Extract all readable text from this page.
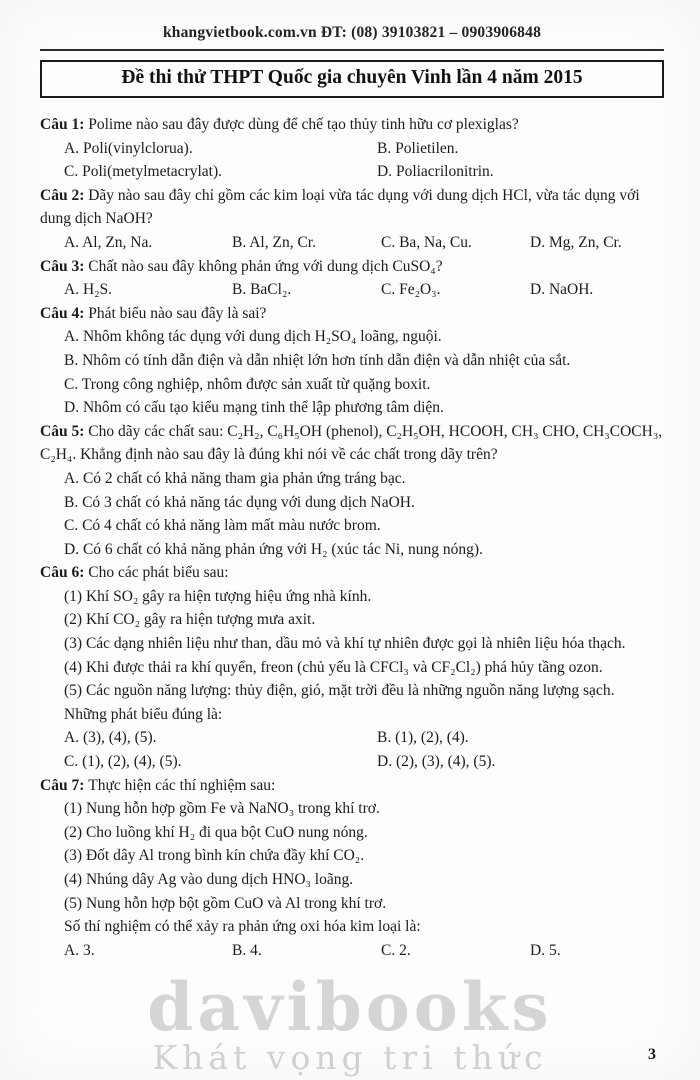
khangvietbook.com.vn ĐT: (08) 39103821 – 0903906848
Đề thi thử THPT Quốc gia chuyên Vinh lần 4 năm 2015

Câu 1: Polime nào sau đây được dùng để chế tạo thủy tinh hữu cơ plexiglas?

A. Poli(vinylclorua).	B. Polietilen.
C. Poli(metylmetacrylat).	D. Poliacrilonitrin.

Câu 2: Dãy nào sau đây chỉ gồm các kim loại vừa tác dụng với dung dịch HCl, vừa tác dụng với dung dịch NaOH?

A. Al, Zn, Na.	B. Al, Zn, Cr.	C. Ba, Na, Cu.	D. Mg, Zn, Cr.

Câu 3: Chất nào sau đây không phản ứng với dung dịch CuSO₄?

A. H₂S.	B. BaCl₂.	C. Fe₂O₃.	D. NaOH.

Câu 4: Phát biểu nào sau đây là sai?

A. Nhôm không tác dụng với dung dịch H₂SO₄ loãng, nguội.
B. Nhôm có tính dẫn điện và dẫn nhiệt lớn hơn tính dẫn điện và dẫn nhiệt của sắt.
C. Trong công nghiệp, nhôm được sản xuất từ quặng boxit.
D. Nhôm có cấu tạo kiểu mạng tinh thể lập phương tâm diện.

Câu 5: Cho dãy các chất sau: C₂H₂, C₆H₅OH (phenol), C₂H₅OH, HCOOH, CH₃ CHO, CH₃COCH₃, C₂H₄. Khẳng định nào sau đây là đúng khi nói về các chất trong dãy trên?

A. Có 2 chất có khả năng tham gia phản ứng tráng bạc.
B. Có 3 chất có khả năng tác dụng với dung dịch NaOH.
C. Có 4 chất có khả năng làm mất màu nước brom.
D. Có 6 chất có khả năng phản ứng với H₂ (xúc tác Ni, nung nóng).

Câu 6: Cho các phát biểu sau:

(1) Khí SO₂ gây ra hiện tượng hiệu ứng nhà kính.

(2) Khí CO₂ gây ra hiện tượng mưa axit.

(3) Các dạng nhiên liệu như than, dầu mỏ và khí tự nhiên được gọi là nhiên liệu hóa thạch.

(4) Khi được thải ra khí quyển, freon (chủ yếu là CFCl₃ và CF₂Cl₂) phá hủy tầng ozon.

(5) Các nguồn năng lượng: thủy điện, gió, mặt trời đều là những nguồn năng lượng sạch.

Những phát biểu đúng là:

A. (3), (4), (5).	B. (1), (2), (4).
C. (1), (2), (4), (5).	D. (2), (3), (4), (5).

Câu 7: Thực hiện các thí nghiệm sau:

(1) Nung hỗn hợp gồm Fe và NaNO₃ trong khí trơ.

(2) Cho luồng khí H₂ đi qua bột CuO nung nóng.

(3) Đốt dây Al trong bình kín chứa đầy khí CO₂.

(4) Nhúng dây Ag vào dung dịch HNO₃ loãng.

(5) Nung hỗn hợp bột gồm CuO và Al trong khí trơ.

Số thí nghiệm có thể xảy ra phản ứng oxi hóa kim loại là:

A. 3.	B. 4.	C. 2.	D. 5.
davibooks
Khát vọng tri thức	3
